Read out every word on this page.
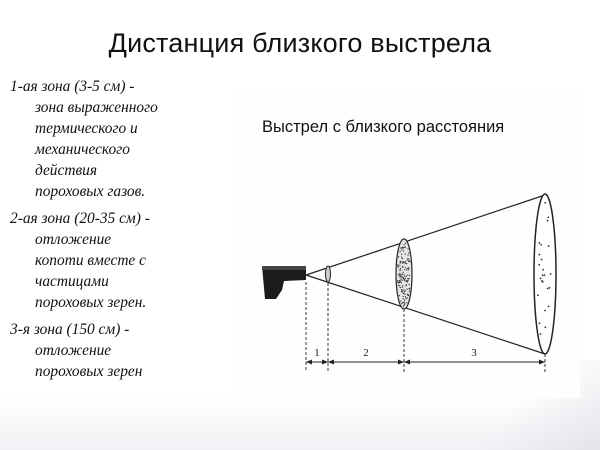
Дистанция близкого выстрела
1-ая зона (3-5 см) -
зона выраженного
термического и
механического
действия
пороховых газов.
2-ая зона (20-35 см) -
отложение
копоти вместе с
частицами
пороховых зерен.
3-я зона (150 см) -
отложение
пороховых зерен
Выстрел с близкого расстояния
1	2	3
